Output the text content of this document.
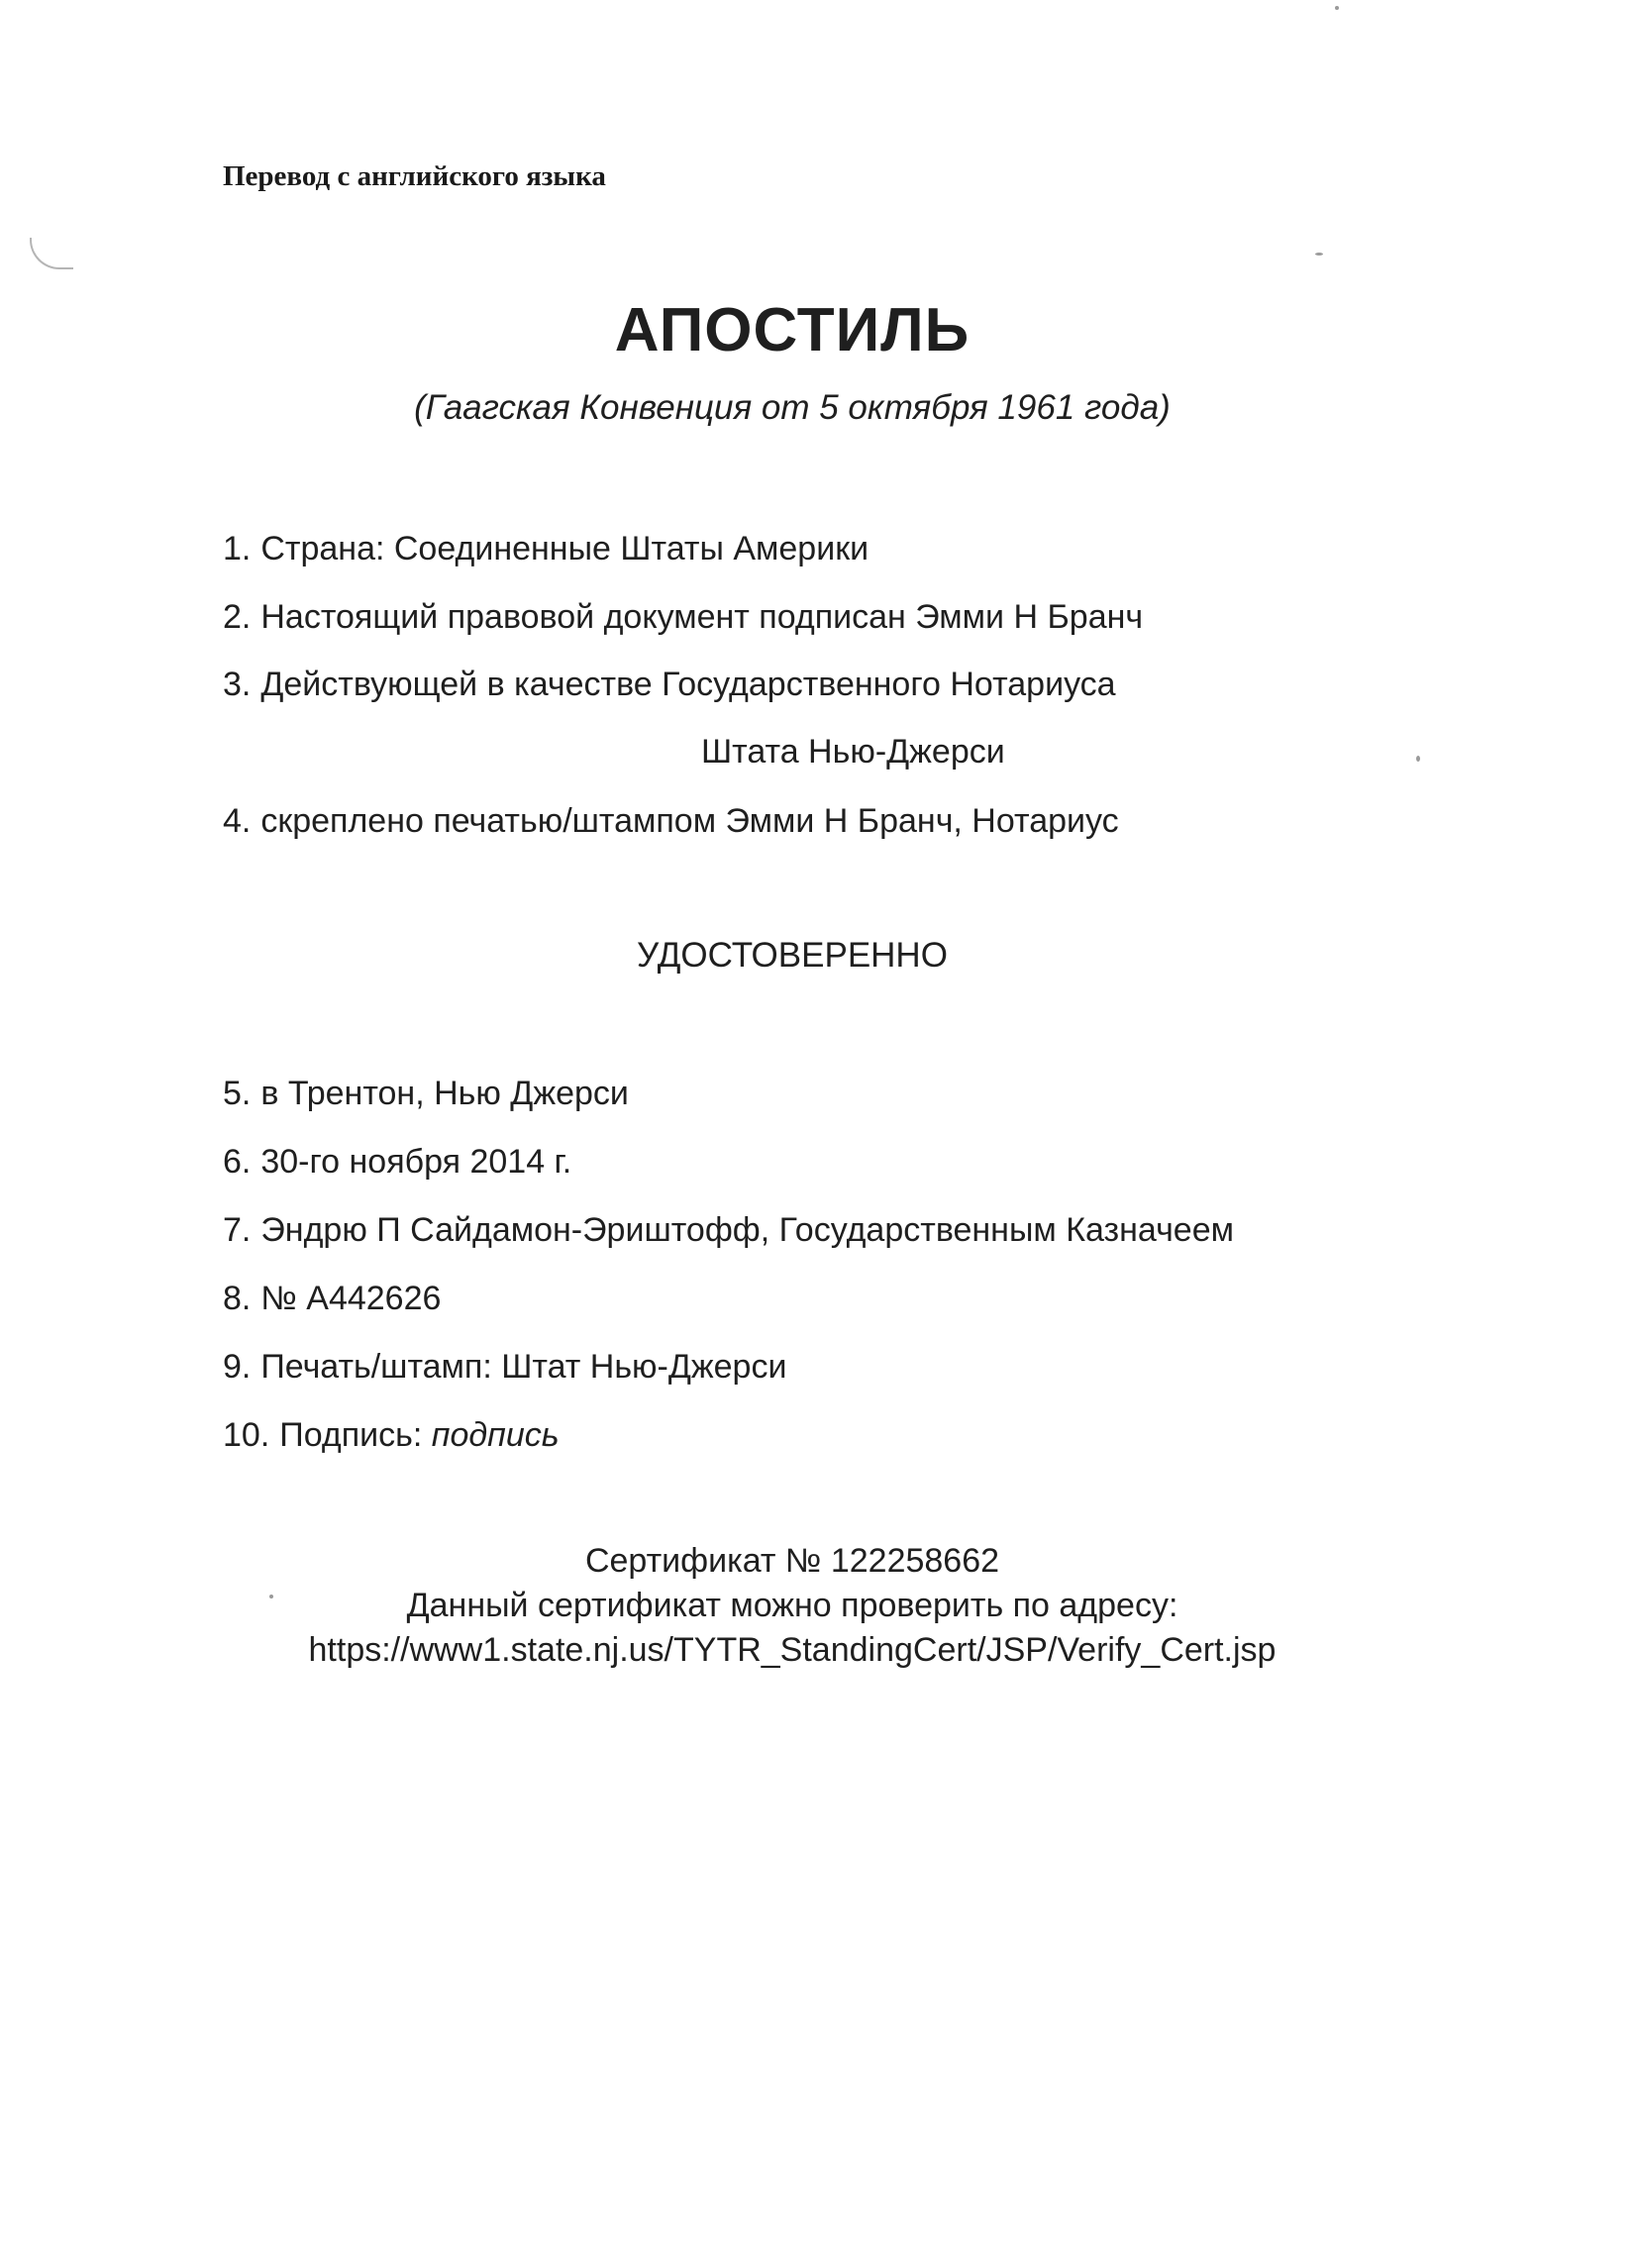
Перевод с английского языка
АПОСТИЛЬ
(Гаагская Конвенция от 5 октября 1961 года)
1. Страна: Соединенные Штаты Америки
2. Настоящий правовой документ подписан Эмми Н Бранч
3. Действующей в качестве Государственного Нотариуса
Штата Нью-Джерси
4. скреплено печатью/штампом Эмми Н Бранч, Нотариус
УДОСТОВЕРЕННО
5. в Трентон, Нью Джерси
6. 30-го ноября 2014 г.
7. Эндрю П Сайдамон-Эриштофф, Государственным Казначеем
8. № А442626
9. Печать/штамп: Штат Нью-Джерси
10. Подпись: подпись
Сертификат № 122258662
Данный сертификат можно проверить по адресу:
https://www1.state.nj.us/TYTR_StandingCert/JSP/Verify_Cert.jsp
